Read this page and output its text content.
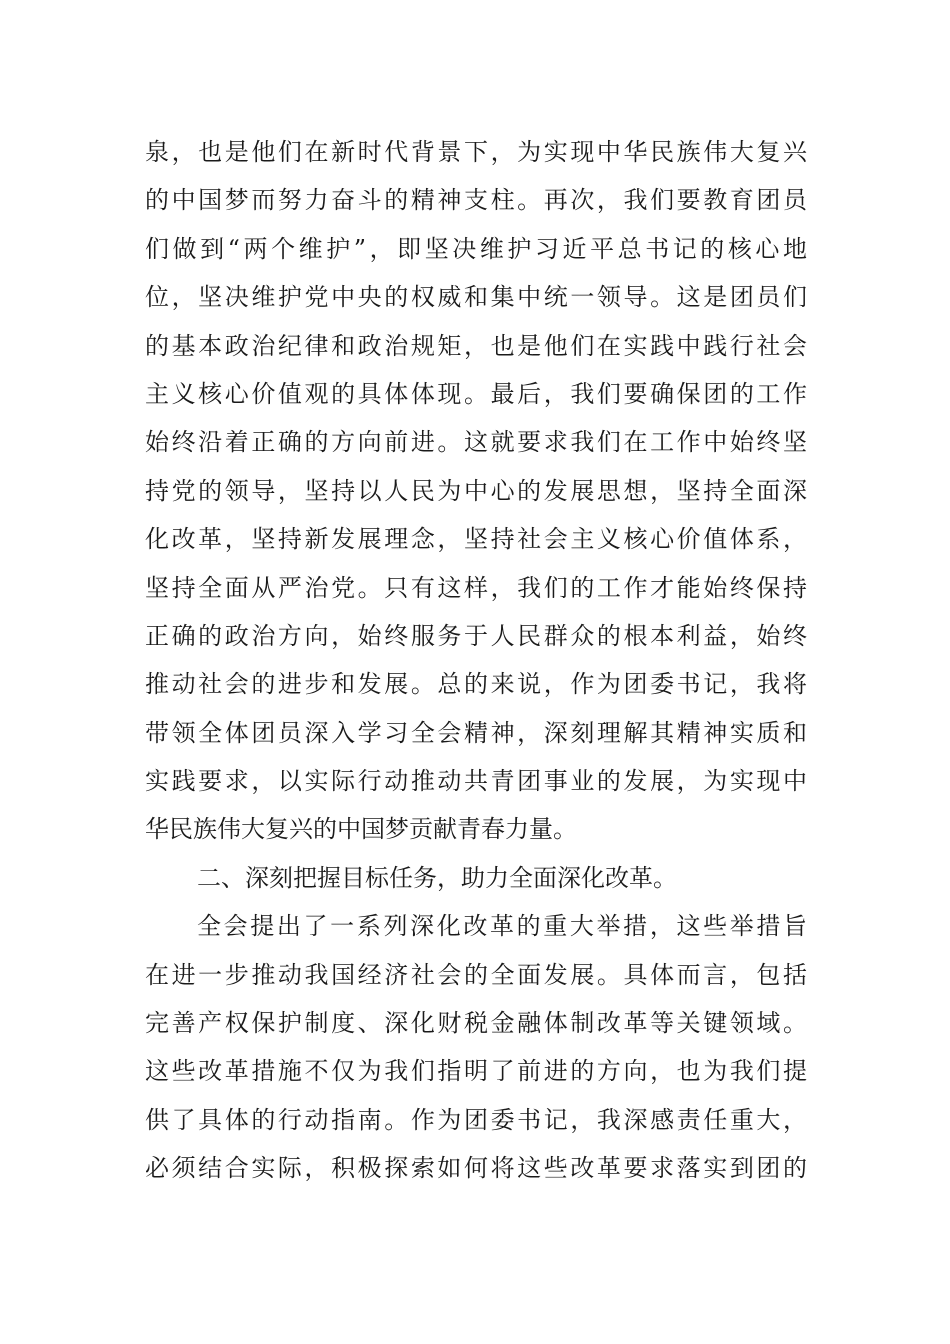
泉，也是他们在新时代背景下，为实现中华民族伟大复兴
的中国梦而努力奋斗的精神支柱。再次，我们要教育团员
们做到“两个维护”，即坚决维护习近平总书记的核心地
位，坚决维护党中央的权威和集中统一领导。这是团员们
的基本政治纪律和政治规矩，也是他们在实践中践行社会
主义核心价值观的具体体现。最后，我们要确保团的工作
始终沿着正确的方向前进。这就要求我们在工作中始终坚
持党的领导，坚持以人民为中心的发展思想，坚持全面深
化改革，坚持新发展理念，坚持社会主义核心价值体系，
坚持全面从严治党。只有这样，我们的工作才能始终保持
正确的政治方向，始终服务于人民群众的根本利益，始终
推动社会的进步和发展。总的来说，作为团委书记，我将
带领全体团员深入学习全会精神，深刻理解其精神实质和
实践要求，以实际行动推动共青团事业的发展，为实现中
华民族伟大复兴的中国梦贡献青春力量。
二、深刻把握目标任务，助力全面深化改革。
全会提出了一系列深化改革的重大举措，这些举措旨
在进一步推动我国经济社会的全面发展。具体而言，包括
完善产权保护制度、深化财税金融体制改革等关键领域。
这些改革措施不仅为我们指明了前进的方向，也为我们提
供了具体的行动指南。作为团委书记，我深感责任重大，
必须结合实际，积极探索如何将这些改革要求落实到团的
